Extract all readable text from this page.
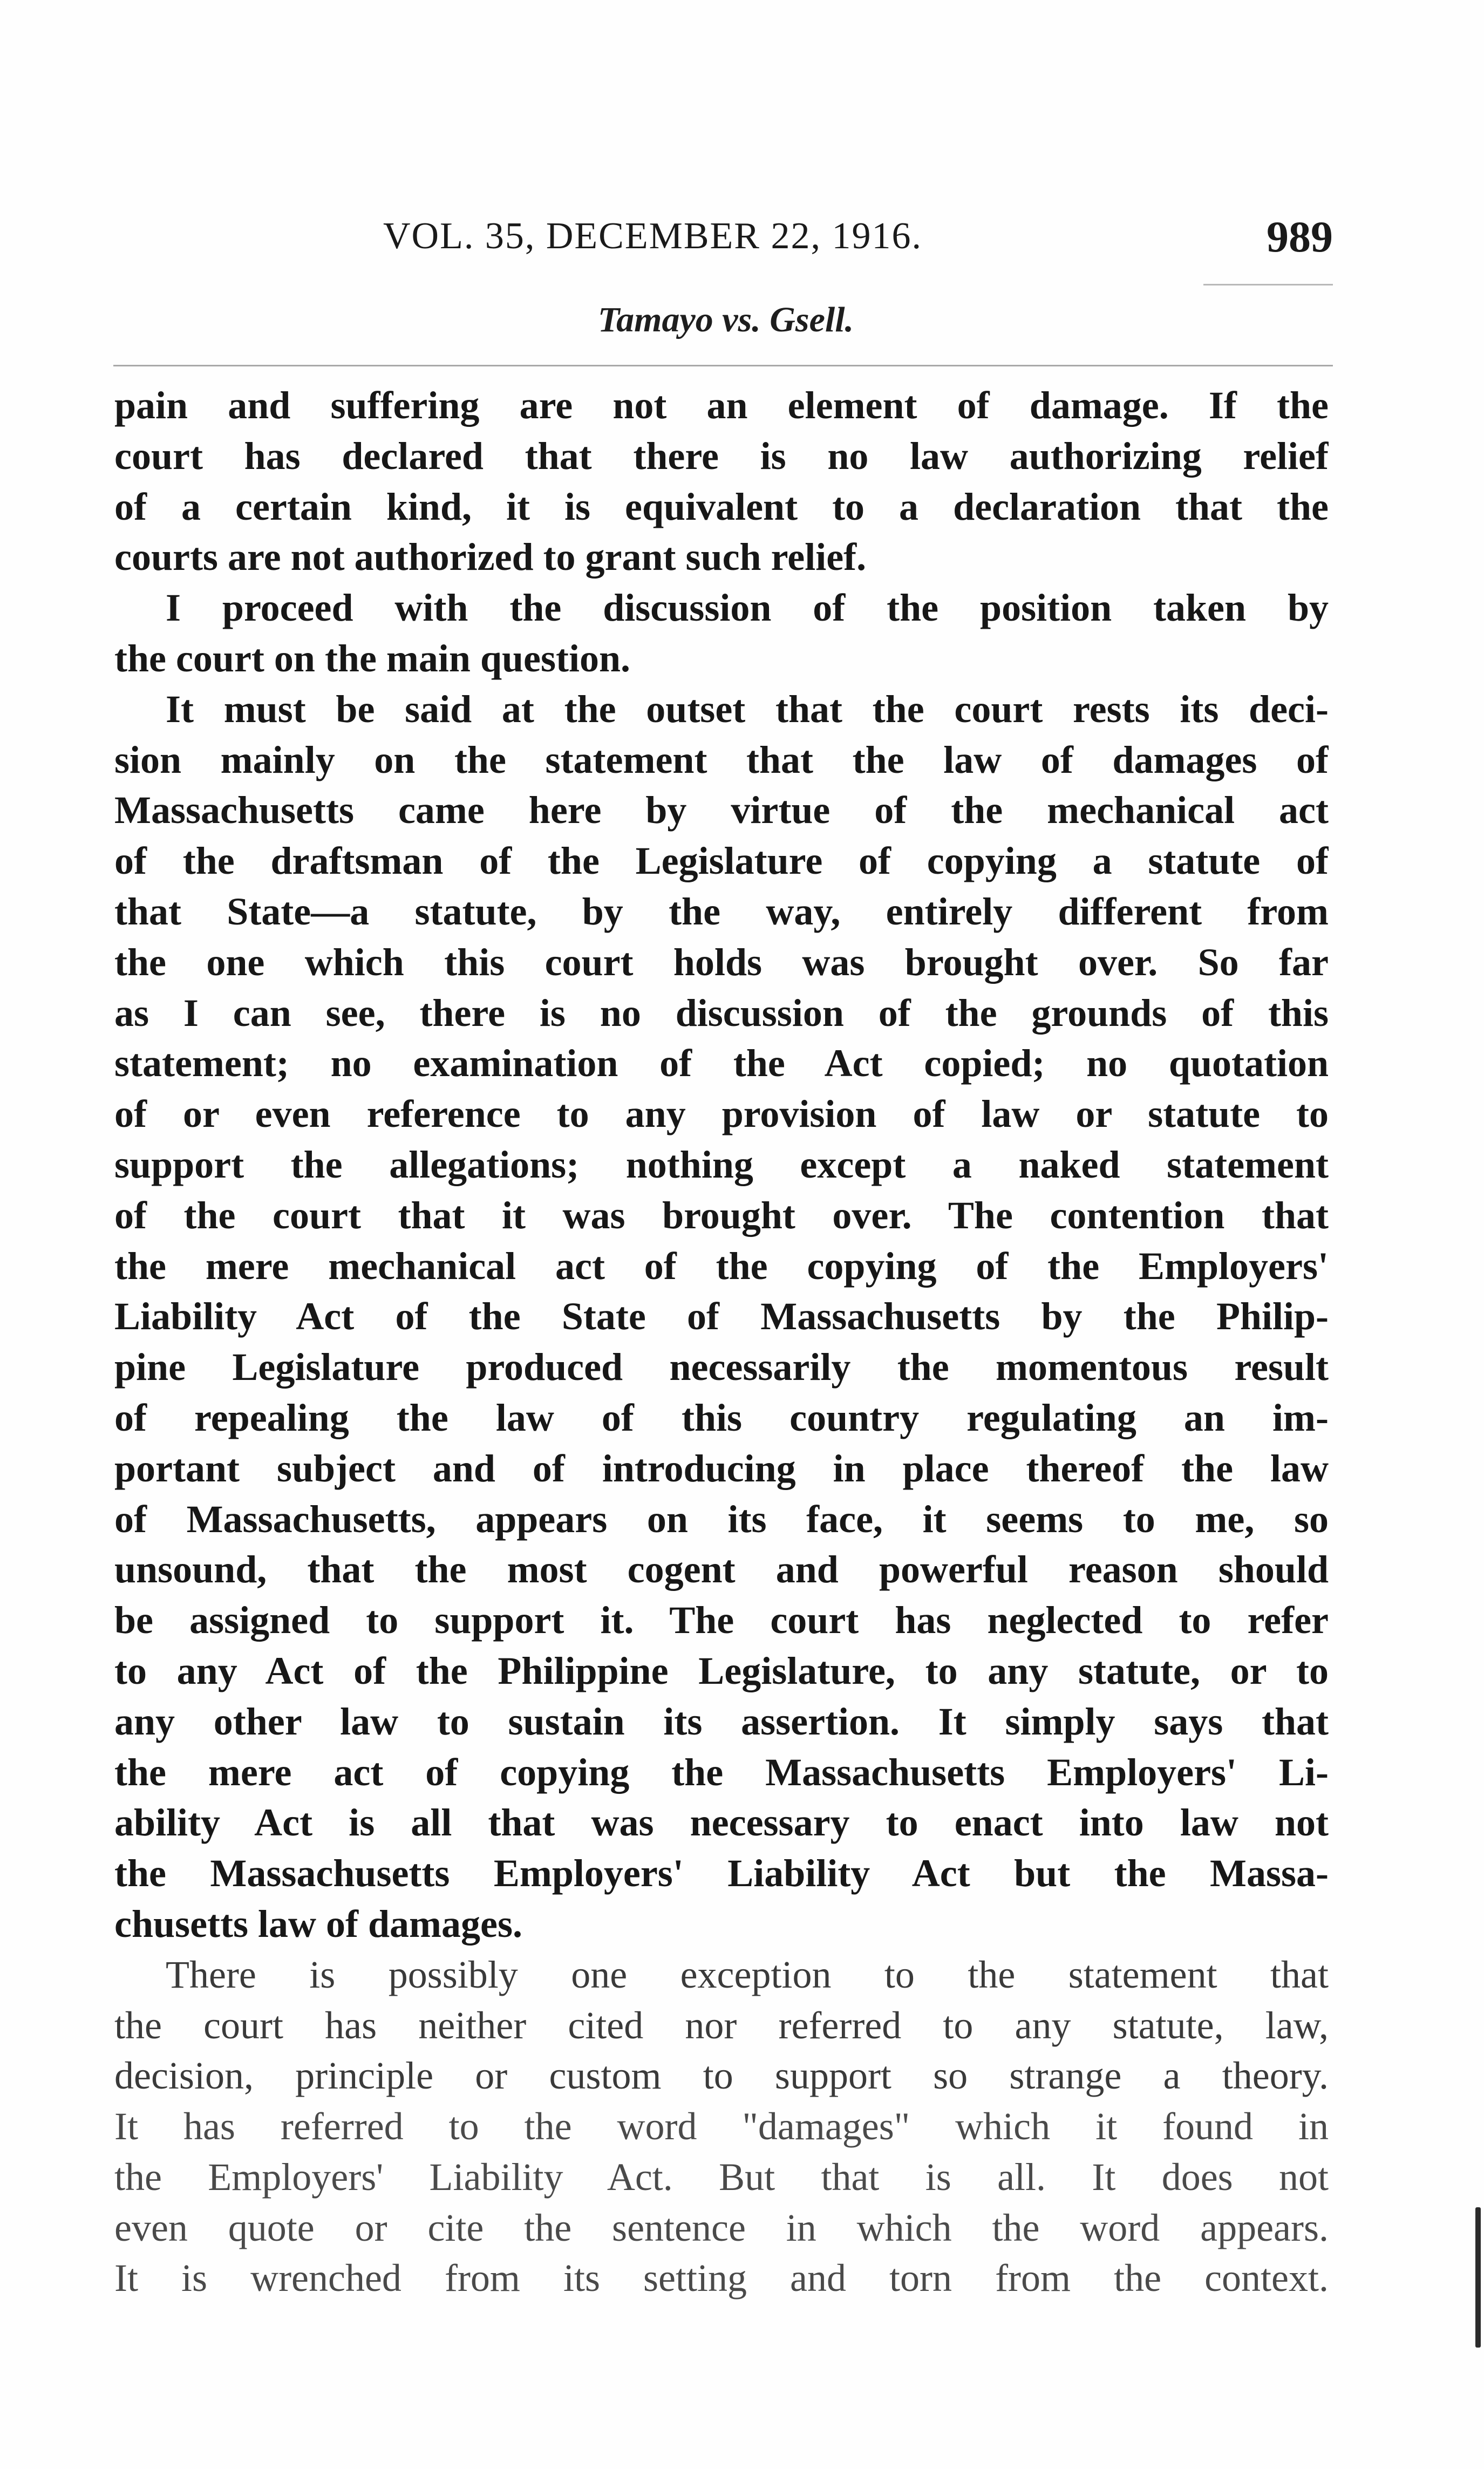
VOL. 35, DECEMBER 22, 1916.	989
Tamayo vs. Gsell.
pain and suffering are not an element of damage. If the
court has declared that there is no law authorizing relief
of a certain kind, it is equivalent to a declaration that the
courts are not authorized to grant such relief.
I proceed with the discussion of the position taken by
the court on the main question.
It must be said at the outset that the court rests its deci-
sion mainly on the statement that the law of damages of
Massachusetts came here by virtue of the mechanical act
of the draftsman of the Legislature of copying a statute of
that State—a statute, by the way, entirely different from
the one which this court holds was brought over. So far
as I can see, there is no discussion of the grounds of this
statement; no examination of the Act copied; no quotation
of or even reference to any provision of law or statute to
support the allegations; nothing except a naked statement
of the court that it was brought over. The contention that
the mere mechanical act of the copying of the Employers'
Liability Act of the State of Massachusetts by the Philip-
pine Legislature produced necessarily the momentous result
of repealing the law of this country regulating an im-
portant subject and of introducing in place thereof the law
of Massachusetts, appears on its face, it seems to me, so
unsound, that the most cogent and powerful reason should
be assigned to support it. The court has neglected to refer
to any Act of the Philippine Legislature, to any statute, or to
any other law to sustain its assertion. It simply says that
the mere act of copying the Massachusetts Employers' Li-
ability Act is all that was necessary to enact into law not
the Massachusetts Employers' Liability Act but the Massa-
chusetts law of damages.
There is possibly one exception to the statement that
the court has neither cited nor referred to any statute, law,
decision, principle or custom to support so strange a theory.
It has referred to the word "damages" which it found in
the Employers' Liability Act. But that is all. It does not
even quote or cite the sentence in which the word appears.
It is wrenched from its setting and torn from the context.
